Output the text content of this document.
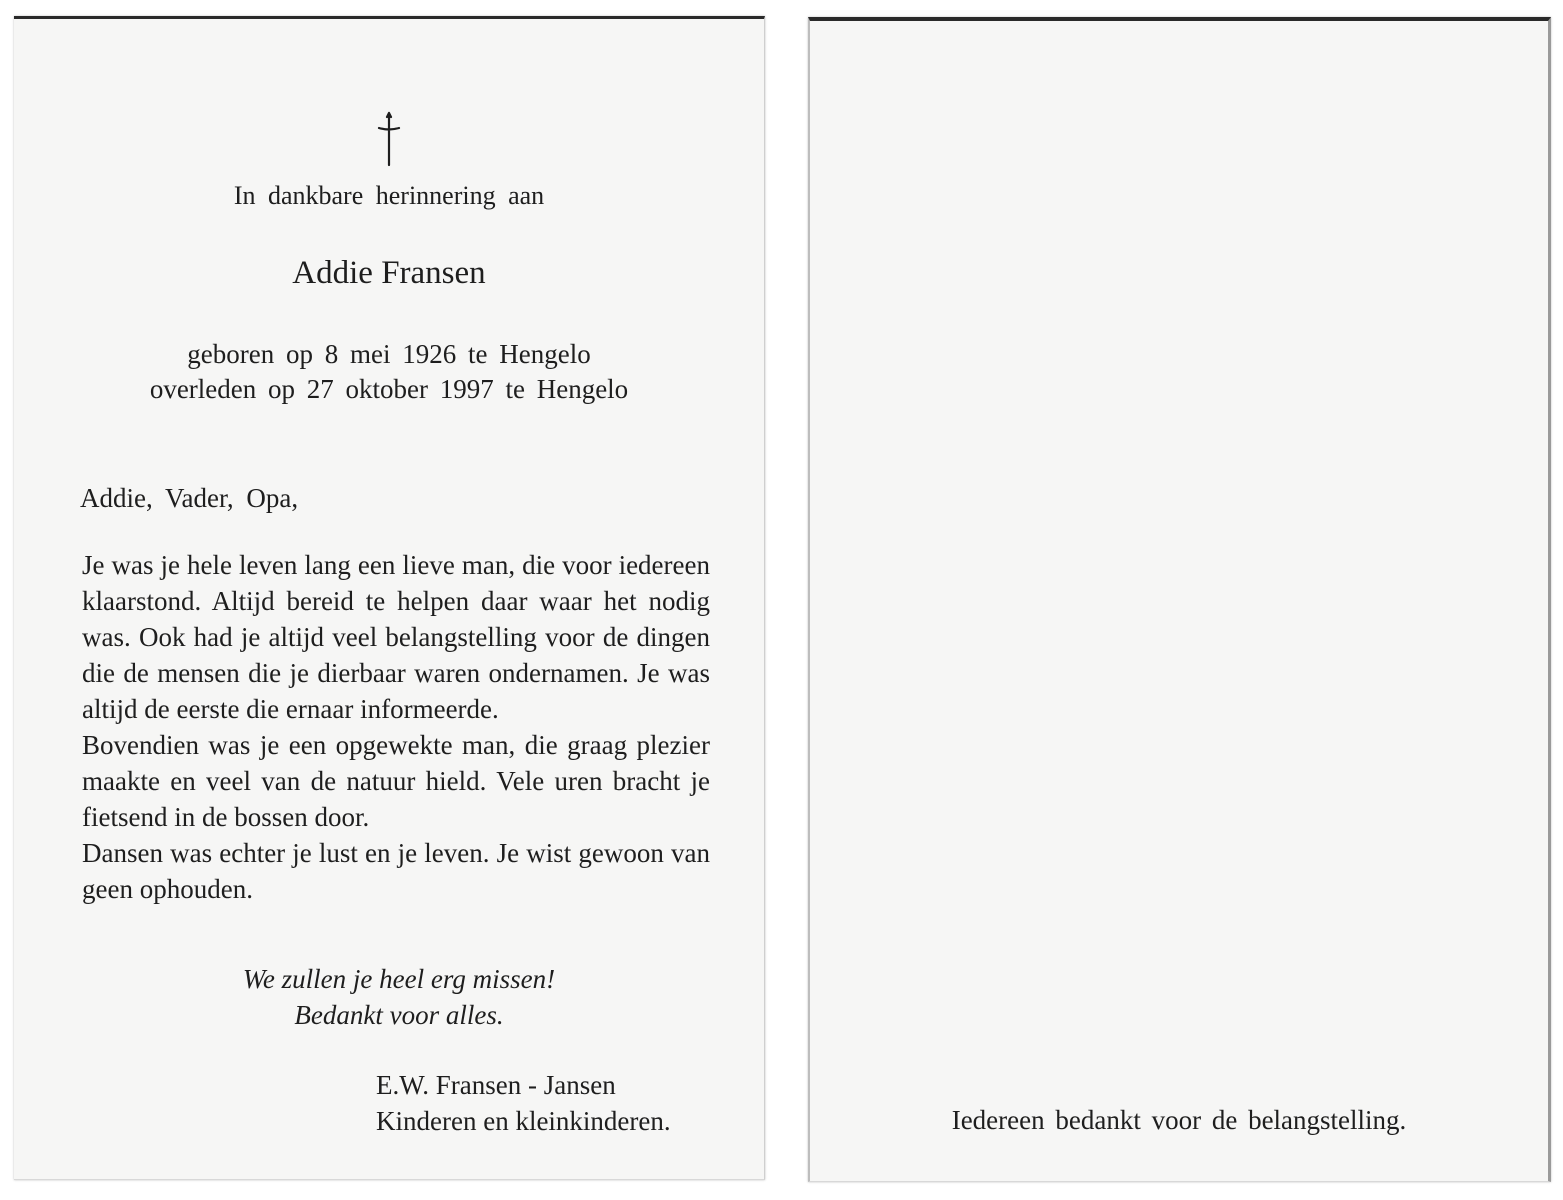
In dankbare herinnering aan
Addie Fransen
geboren op 8 mei 1926 te Hengelo
overleden op 27 oktober 1997 te Hengelo
Addie, Vader, Opa,

Je was je hele leven lang een lieve man, die voor iedereen klaarstond. Altijd bereid te helpen daar waar het nodig was. Ook had je altijd veel belangstelling voor de dingen die de mensen die je dierbaar waren ondernamen. Je was altijd de eerste die ernaar informeerde.

Bovendien was je een opgewekte man, die graag plezier maakte en veel van de natuur hield. Vele uren bracht je fietsend in de bossen door.

Dansen was echter je lust en je leven. Je wist gewoon van geen ophouden.

We zullen je heel erg missen!
Bedankt voor alles.
E.W. Fransen - Jansen
Kinderen en kleinkinderen.	Iedereen bedankt voor de belangstelling.
